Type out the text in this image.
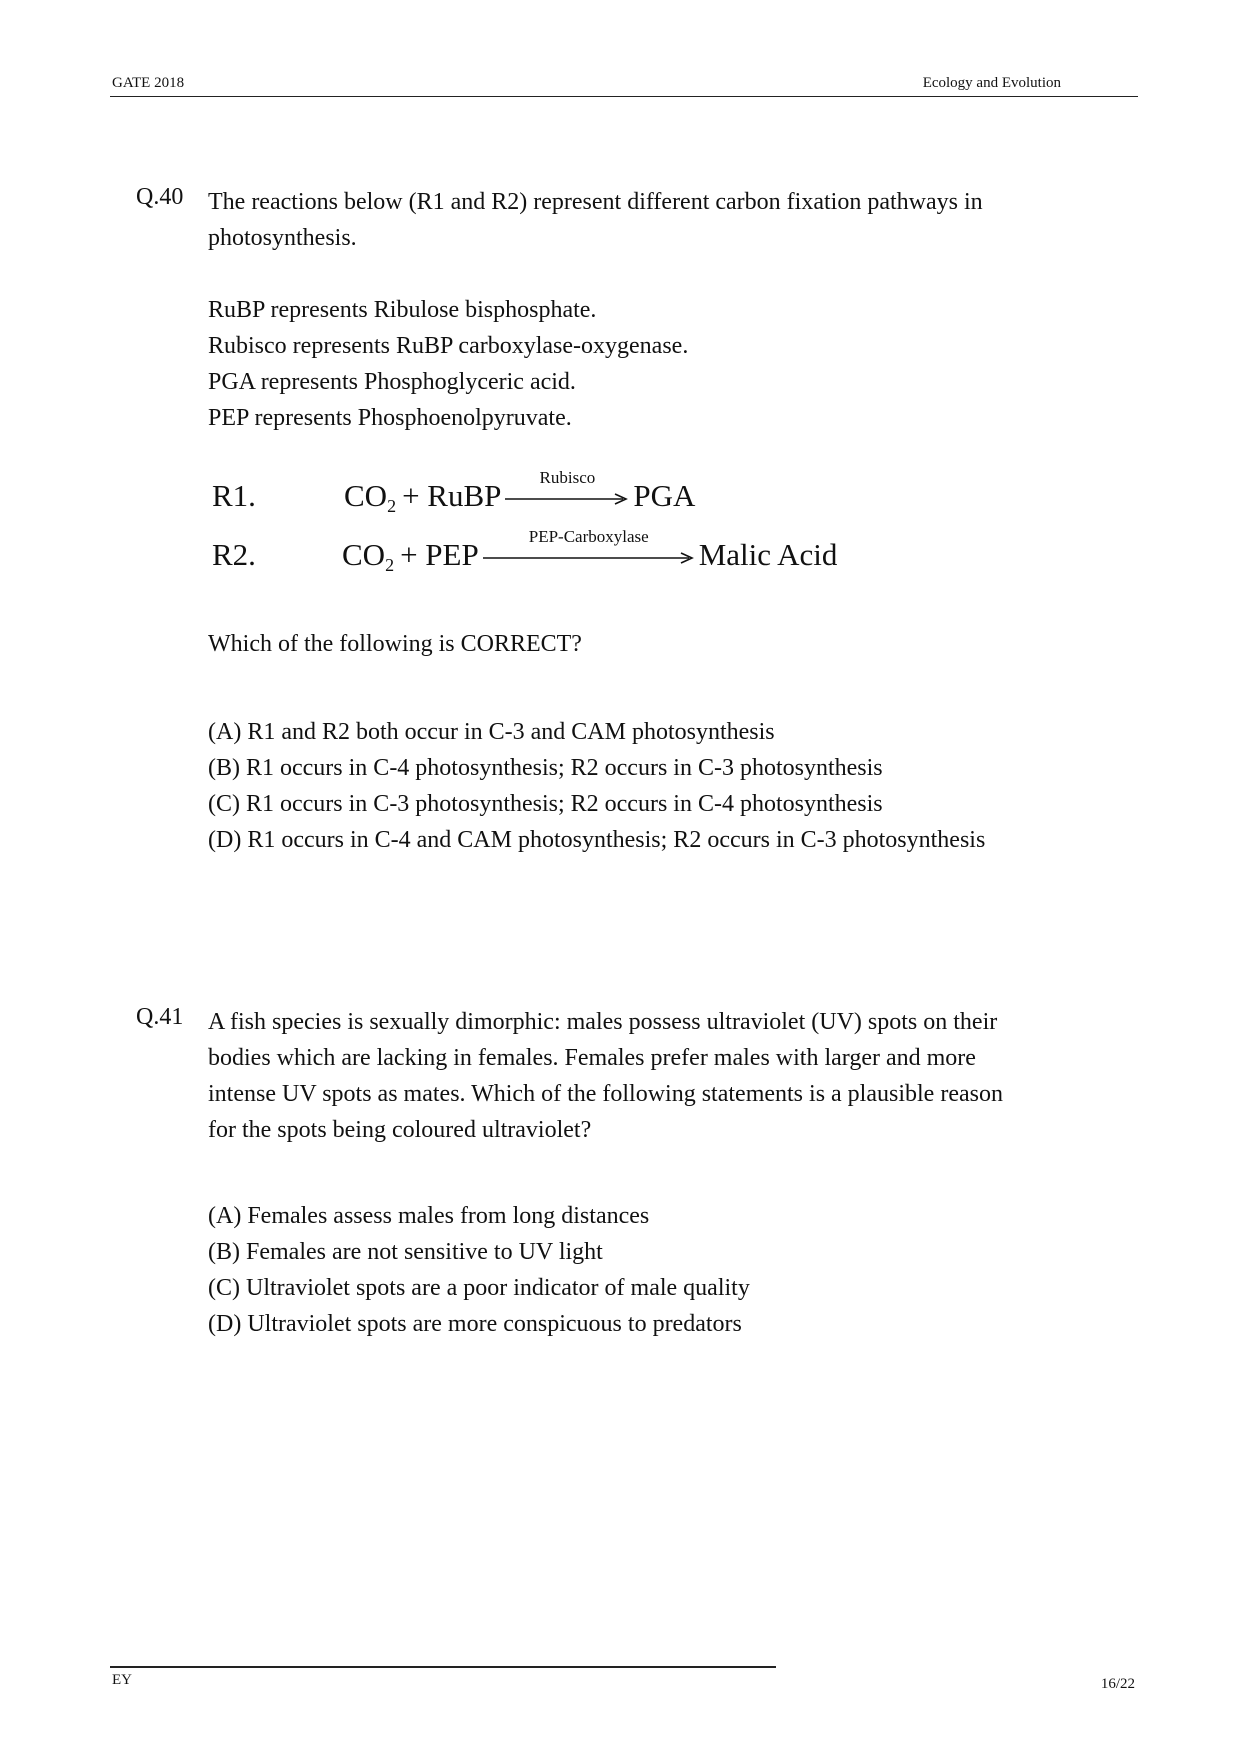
GATE 2018	Ecology and Evolution
Q.40 The reactions below (R1 and R2) represent different carbon fixation pathways in
photosynthesis.
RuBP represents Ribulose bisphosphate.
Rubisco represents RuBP carboxylase-oxygenase.
PGA represents Phosphoglyceric acid.
PEP represents Phosphoenolpyruvate.
R1.	$CO_2$ + RuBP
Rubisco
PGA
R2.	$CO_2$ + PEP
PEP-Carboxylase
Malic Acid
Which of the following is CORRECT?
(A) R1 and R2 both occur in C-3 and CAM photosynthesis
(B) R1 occurs in C-4 photosynthesis; R2 occurs in C-3 photosynthesis
(C) R1 occurs in C-3 photosynthesis; R2 occurs in C-4 photosynthesis
(D) R1 occurs in C-4 and CAM photosynthesis; R2 occurs in C-3 photosynthesis
Q.41 A fish species is sexually dimorphic: males possess ultraviolet (UV) spots on their
bodies which are lacking in females. Females prefer males with larger and more
intense UV spots as mates. Which of the following statements is a plausible reason
for the spots being coloured ultraviolet?
(A) Females assess males from long distances
(B) Females are not sensitive to UV light
(C) Ultraviolet spots are a poor indicator of male quality
(D) Ultraviolet spots are more conspicuous to predators
EY	16/22
